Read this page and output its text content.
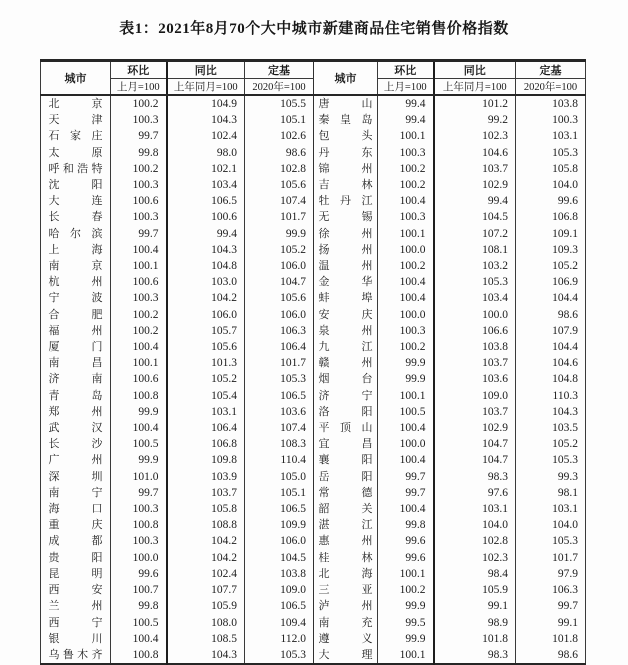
表1：2021年8月70个大中城市新建商品住宅销售价格指数
城市	环比	同比	定基	城市	环比	同比	定基
	上月=100	上年同月=100	2020年=100		上月=100	上年同月=100	2020年=100
北京	100.2	104.9	105.5	唐山	99.4	101.2	103.8
天津	100.3	104.3	105.1	秦皇岛	99.4	99.2	100.3
石家庄	99.7	102.4	102.6	包头	100.1	102.3	103.1
太原	99.8	98.0	98.6	丹东	100.3	104.6	105.3
呼和浩特	100.2	102.1	102.8	锦州	100.2	103.7	105.8
沈阳	100.3	103.4	105.6	吉林	100.2	102.9	104.0
大连	100.6	106.5	107.4	牡丹江	100.4	99.4	99.6
长春	100.3	100.6	101.7	无锡	100.3	104.5	106.8
哈尔滨	99.7	99.4	99.9	徐州	100.1	107.2	109.1
上海	100.4	104.3	105.2	扬州	100.0	108.1	109.3
南京	100.1	104.8	106.0	温州	100.2	103.2	105.2
杭州	100.6	103.0	104.7	金华	100.4	105.3	106.9
宁波	100.3	104.2	105.6	蚌埠	100.4	103.4	104.4
合肥	100.2	106.0	106.0	安庆	100.0	100.0	98.6
福州	100.2	105.7	106.3	泉州	100.3	106.6	107.9
厦门	100.4	105.6	106.4	九江	100.2	103.8	104.4
南昌	100.1	101.3	101.7	赣州	99.9	103.7	104.6
济南	100.6	105.2	105.3	烟台	99.9	103.6	104.8
青岛	100.8	105.4	106.5	济宁	100.1	109.0	110.3
郑州	99.9	103.1	103.6	洛阳	100.5	103.7	104.3
武汉	100.4	106.4	107.4	平顶山	100.4	102.9	103.5
长沙	100.5	106.8	108.3	宜昌	100.0	104.7	105.2
广州	99.9	109.8	110.4	襄阳	100.4	104.7	105.3
深圳	101.0	103.9	105.0	岳阳	99.7	98.3	99.3
南宁	99.7	103.7	105.1	常德	99.7	97.6	98.1
海口	100.3	105.8	106.5	韶关	100.4	103.1	103.1
重庆	100.8	108.8	109.9	湛江	99.8	104.0	104.0
成都	100.3	104.2	106.0	惠州	99.6	102.8	105.3
贵阳	100.0	104.2	104.5	桂林	99.6	102.3	101.7
昆明	99.6	102.4	103.8	北海	100.1	98.4	97.9
西安	100.7	107.7	109.0	三亚	100.2	105.9	106.3
兰州	99.8	105.9	106.5	泸州	99.9	99.1	99.7
西宁	100.5	108.0	109.4	南充	99.5	98.9	99.1
银川	100.4	108.5	112.0	遵义	99.9	101.8	101.8
乌鲁木齐	100.8	104.3	105.3	大理	100.1	98.3	98.6
